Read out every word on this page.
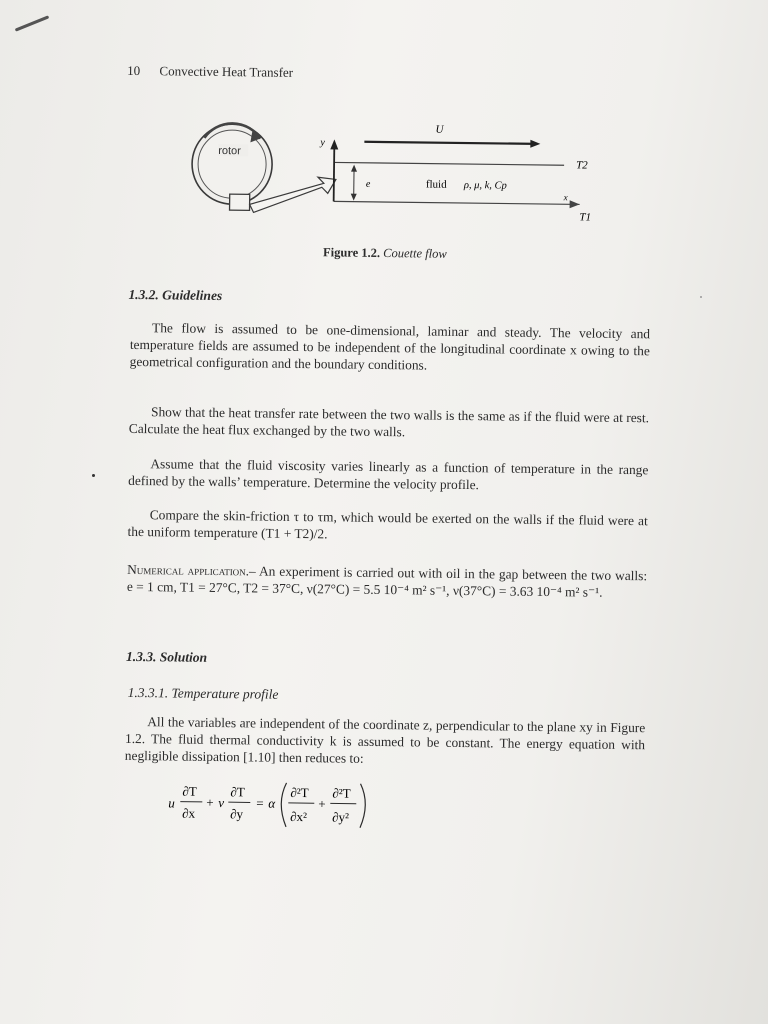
10 Convective Heat Transfer
rotor
U
T2
x
T1
y
e	fluid ρ, μ, k, Cp
Figure 1.2. Couette flow
1.3.2. Guidelines

The flow is assumed to be one-dimensional, laminar and steady. The velocity and temperature fields are assumed to be independent of the longitudinal coordinate x owing to the geometrical configuration and the boundary conditions.

Show that the heat transfer rate between the two walls is the same as if the fluid were at rest. Calculate the heat flux exchanged by the two walls.

Assume that the fluid viscosity varies linearly as a function of temperature in the range defined by the walls’ temperature. Determine the velocity profile.

Compare the skin-friction τ to τm, which would be exerted on the walls if the fluid were at the uniform temperature (T1 + T2)/2.

Numerical application.– An experiment is carried out with oil in the gap between the two walls: e = 1 cm, T1 = 27°C, T2 = 37°C, ν(27°C) = 5.5 10⁻⁴ m² s⁻¹, ν(37°C) = 3.63 10⁻⁴ m² s⁻¹.

1.3.3. Solution
1.3.3.1. Temperature profile

All the variables are independent of the coordinate z, perpendicular to the plane xy in Figure 1.2. The fluid thermal conductivity k is assumed to be constant. The energy equation with negligible dissipation [1.10] then reduces to:

u
∂T
∂x
+ v
∂T
∂y
= α
∂²T
∂x²
+
∂²T
∂y²
